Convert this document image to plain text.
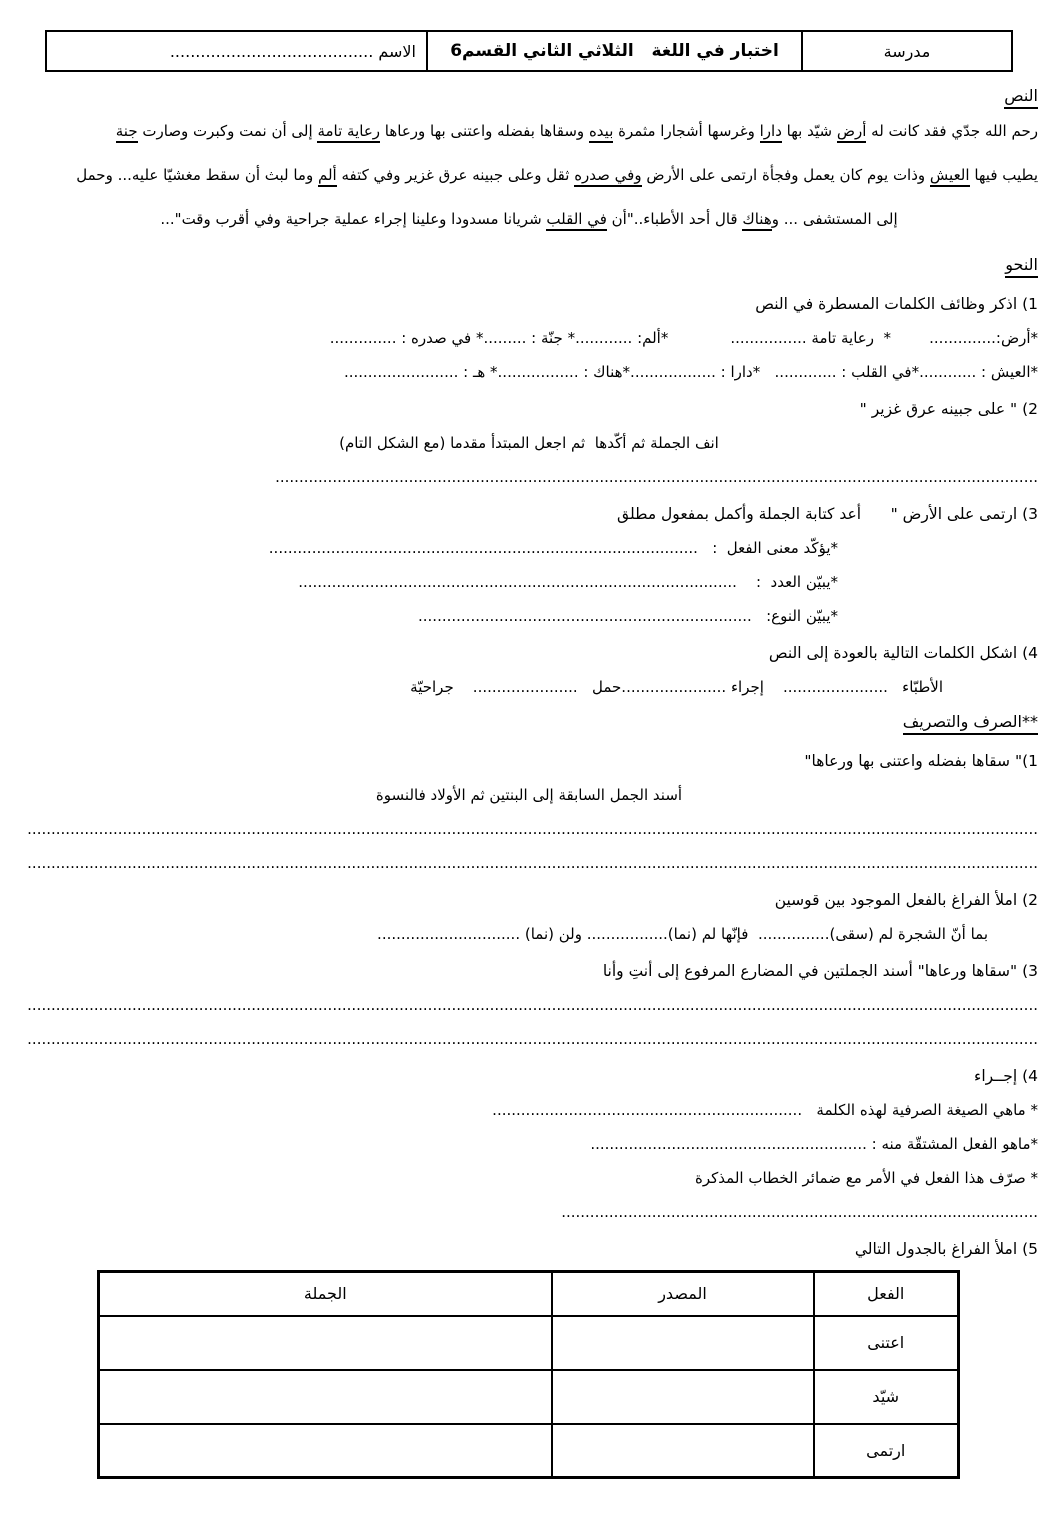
مدرسة	اختبار في اللغة   الثلاثي الثاني القسم6	الاسم ........................................
النص
رحم الله جدّي فقد كانت له أرض شيّد بها دارا وغرسها أشجارا مثمرة بيده وسقاها بفضله واعتنى بها ورعاها رعاية تامة إلى أن نمت وكبرت وصارت جنة
يطيب فيها العيش وذات يوم كان يعمل وفجأة ارتمى على الأرض وفي صدره ثقل وعلى جبينه عرق غزير وفي كتفه ألم وما لبث أن سقط مغشيّا عليه... وحمل
إلى المستشفى ... وهناك قال أحد الأطباء.."أن في القلب شريانا مسدودا وعلينا إجراء عملية جراحية وفي أقرب وقت"...
النحو
1) اذكر وظائف الكلمات المسطرة في النص
*أرض:..............        *  رعاية تامة ................             *ألم: ............* جنّة : .........* في صدره : ..............
*العيش : ............*في القلب : .............   *دارا : ..................*هناك : .................* هـ : ........................
2) " على جبينه عرق غزير "
انف الجملة ثم أكّدها  ثم اجعل المبتدأ مقدما (مع الشكل التام)
................................................................................................................................................................
3) ارتمى على الأرض "      أعد كتابة الجملة وأكمل بمفعول مطلق
*يؤكّد معنى الفعل  :   ..........................................................................................
*يبيّن العدد  :    ............................................................................................
*يبيّن النوع:   ......................................................................
4) اشكل الكلمات التالية بالعودة إلى النص
الأطبّاء   ......................    إجراء ......................حمل   ......................    جراحيّة
**الصرف والتصريف
1)" سقاها بفضله واعتنى بها ورعاها"
أسند الجمل السابقة إلى البنتين ثم الأولاد فالنسوة
....................................................................................................................................................................................................................
....................................................................................................................................................................................................................
2) املأ الفراغ بالفعل الموجود بين قوسين
بما أنّ الشجرة لم (سقى)...............  فإنّها لم (نما)................. ولن (نما) ..............................
3) "سقاها ورعاها" أسند الجملتين في المضارع المرفوع إلى أنتِ وأنا
....................................................................................................................................................................................................................
....................................................................................................................................................................................................................
4) إجــراء
* ماهي الصيغة الصرفية لهذه الكلمة   .................................................................
*ماهو الفعل المشتقّة منه : ..........................................................
* صرّف هذا الفعل في الأمر مع ضمائر الخطاب المذكرة
....................................................................................................
5) املأ الفراغ بالجدول التالي
الفعل	المصدر	الجملة
اعتنى		
شيّد		
ارتمى		
